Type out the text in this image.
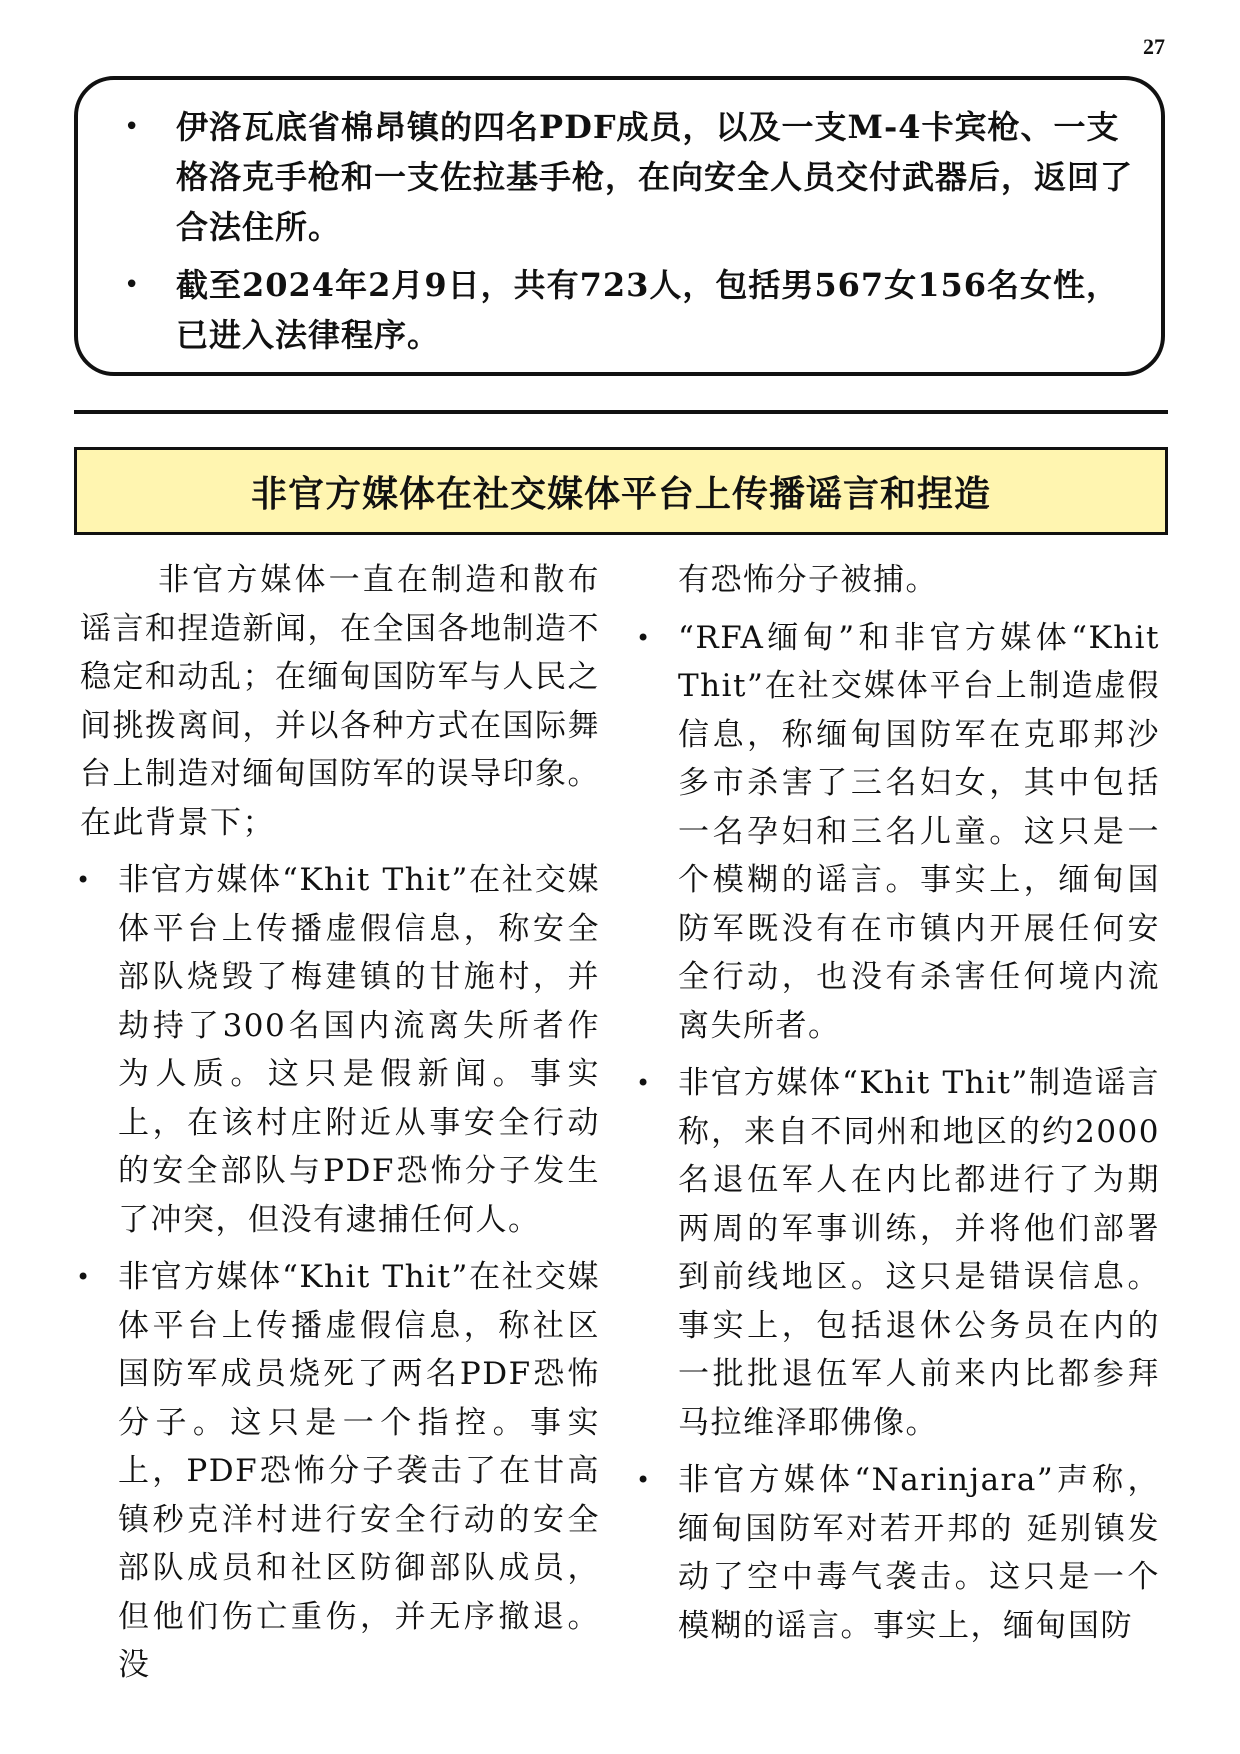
27
• 伊洛瓦底省棉昂镇的四名PDF成员，以及一支M-4卡宾枪、一支格洛克手枪和一支佐拉基手枪，在向安全人员交付武器后，返回了合法住所。
• 截至2024年2月9日，共有723人，包括男567女156名女性，已进入法律程序。
非官方媒体在社交媒体平台上传播谣言和捏造

非官方媒体一直在制造和散布谣言和捏造新闻，在全国各地制造不稳定和动乱；在缅甸国防军与人民之间挑拨离间，并以各种方式在国际舞台上制造对缅甸国防军的误导印象。在此背景下；

• 非官方媒体“Khit Thit”在社交媒体平台上传播虚假信息，称安全部队烧毁了梅建镇的甘施村，并劫持了300名国内流离失所者作为人质。这只是假新闻。事实上，在该村庄附近从事安全行动的安全部队与PDF恐怖分子发生了冲突，但没有逮捕任何人。
• 非官方媒体“Khit Thit”在社交媒体平台上传播虚假信息，称社区国防军成员烧死了两名PDF恐怖分子。这只是一个指控。事实上，PDF恐怖分子袭击了在甘高镇秒克洋村进行安全行动的安全部队成员和社区防御部队成员，但他们伤亡重伤，并无序撤退。没

有恐怖分子被捕。

• “RFA缅甸”和非官方媒体“Khit Thit”在社交媒体平台上制造虚假信息，称缅甸国防军在克耶邦沙多市杀害了三名妇女，其中包括一名孕妇和三名儿童。这只是一个模糊的谣言。事实上，缅甸国防军既没有在市镇内开展任何安全行动，也没有杀害任何境内流离失所者。
• 非官方媒体“Khit Thit”制造谣言称，来自不同州和地区的约2000名退伍军人在内比都进行了为期两周的军事训练，并将他们部署到前线地区。这只是错误信息。事实上，包括退休公务员在内的一批批退伍军人前来内比都参拜马拉维泽耶佛像。
• 非官方媒体“Narinjara”声称，缅甸国防军对若开邦的 延别镇发动了空中毒气袭击。这只是一个模糊的谣言。事实上，缅甸国防
